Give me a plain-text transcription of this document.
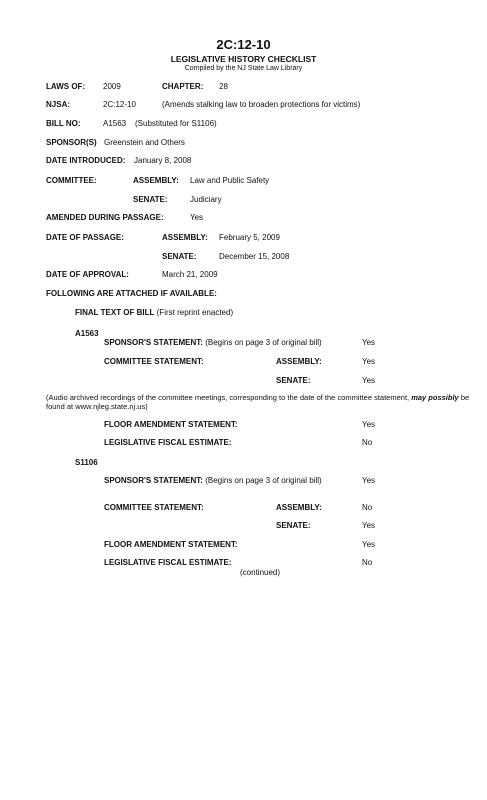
2C:12-10
LEGISLATIVE HISTORY CHECKLIST
Compiled by the NJ State Law Library
LAWS OF: 2009	CHAPTER: 28
NJSA:	2C:12-10	(Amends stalking law to broaden protections for victims)
BILL NO:	A1563 (Substituted for S1106)
SPONSOR(S) Greenstein and Others
DATE INTRODUCED: January 8, 2008
COMMITTEE:	ASSEMBLY: Law and Public Safety
SENATE:	Judiciary
AMENDED DURING PASSAGE:	Yes
DATE OF PASSAGE:	ASSEMBLY: February 5, 2009
SENATE:	December 15, 2008
DATE OF APPROVAL:	March 21, 2009
FOLLOWING ARE ATTACHED IF AVAILABLE:
FINAL TEXT OF BILL (First reprint enacted)
A1563
SPONSOR'S STATEMENT: (Begins on page 3 of original bill)	Yes
COMMITTEE STATEMENT:	ASSEMBLY:	Yes
SENATE:	Yes
(Audio archived recordings of the committee meetings, corresponding to the date of the committee statement, may possibly be found at www.njleg.state.nj.us)
FLOOR AMENDMENT STATEMENT:	Yes
LEGISLATIVE FISCAL ESTIMATE:	No
S1106
SPONSOR'S STATEMENT: (Begins on page 3 of original bill)	Yes
COMMITTEE STATEMENT:	ASSEMBLY:	No
SENATE:	Yes
FLOOR AMENDMENT STATEMENT:	Yes
LEGISLATIVE FISCAL ESTIMATE:	No
(continued)
